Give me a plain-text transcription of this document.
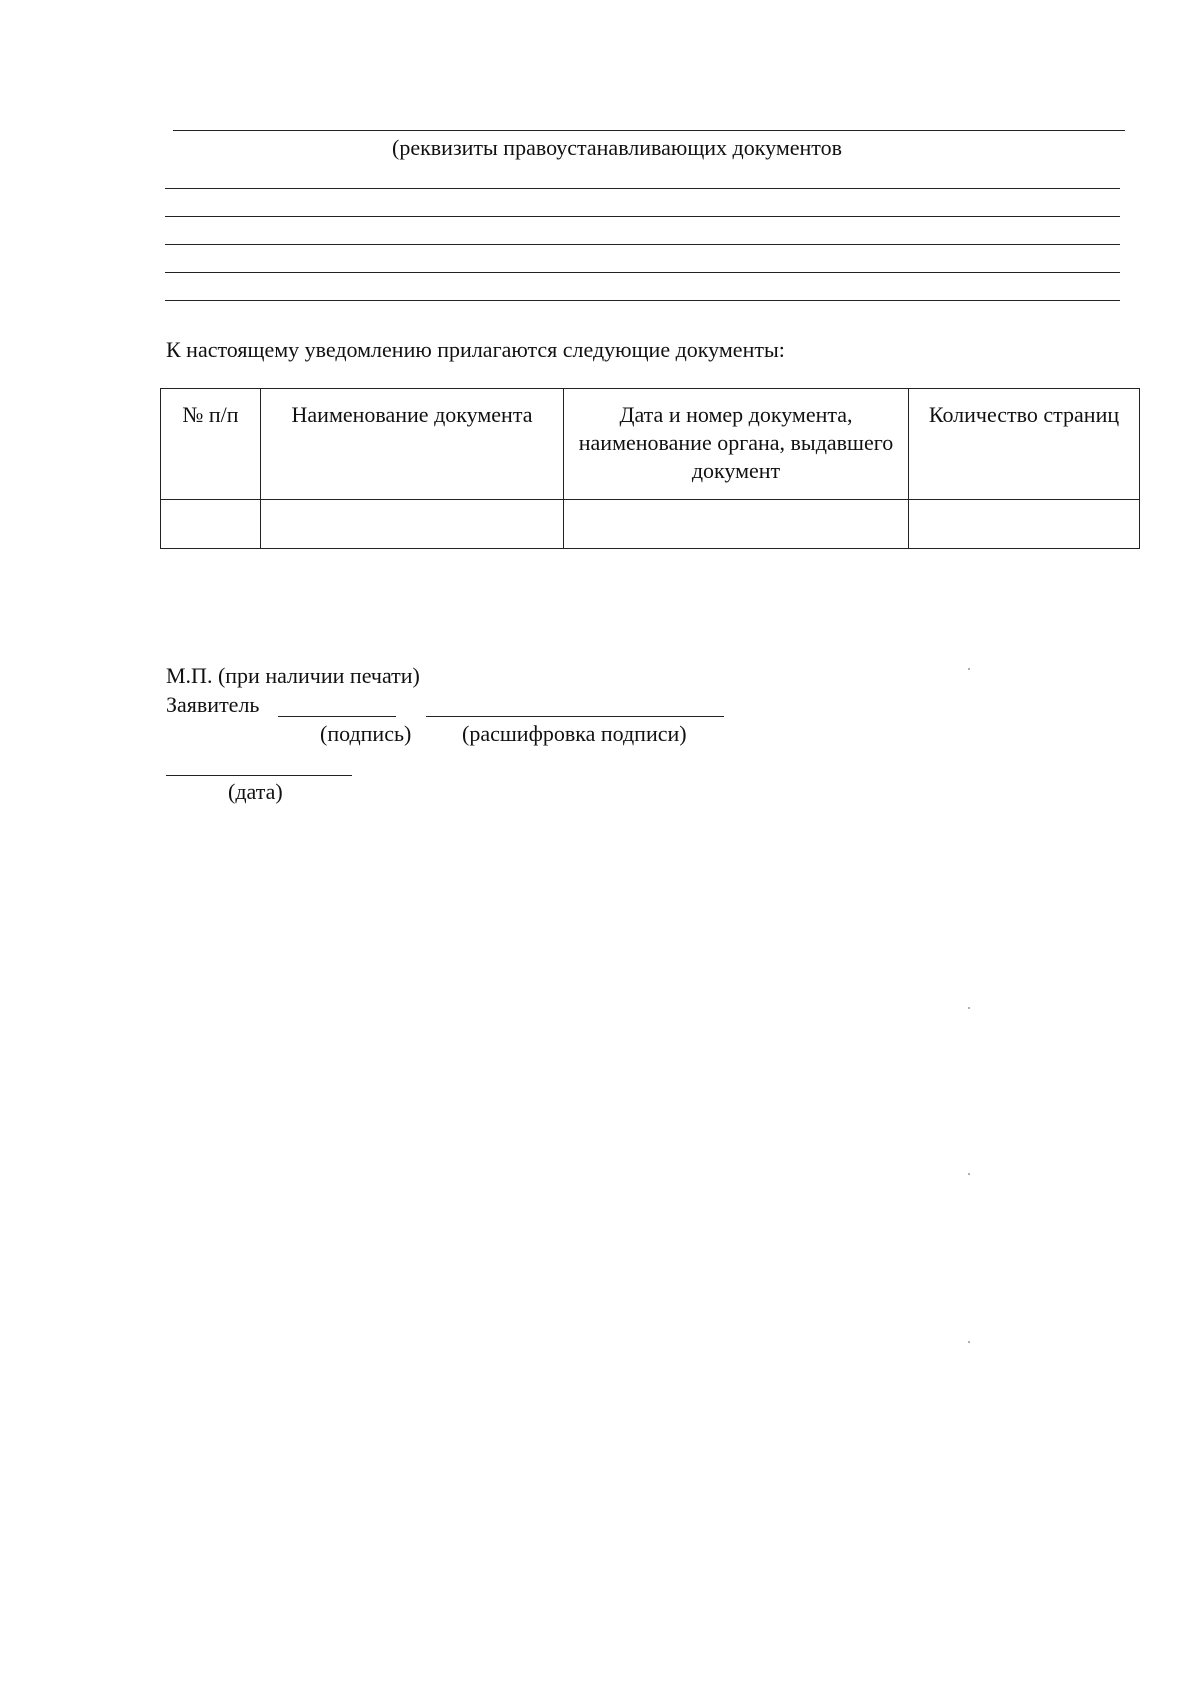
(реквизиты правоустанавливающих документов
К настоящему уведомлению прилагаются следующие документы:
№ п/п	Наименование документа	Дата и номер документа, наименование органа, выдавшего документ	Количество страниц

М.П. (при наличии печати)
Заявитель
(подпись) (расшифровка подписи)
(дата)
